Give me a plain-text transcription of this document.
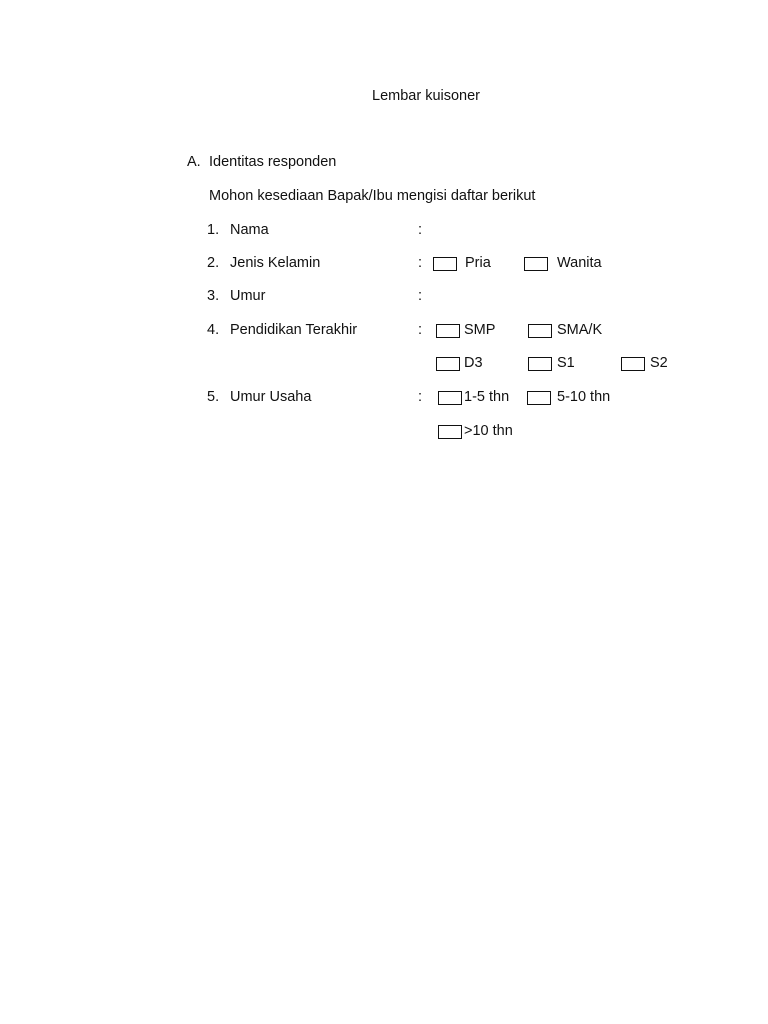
Lembar kuisoner
A. Identitas responden
Mohon kesediaan Bapak/Ibu mengisi daftar berikut
1. Nama	:
2. Jenis Kelamin	:	Pria	Wanita
3. Umur	:
4. Pendidikan Terakhir	:	SMP	SMA/K
D3	S1	S2
5. Umur Usaha	:	1-5 thn	5-10 thn
>10 thn
